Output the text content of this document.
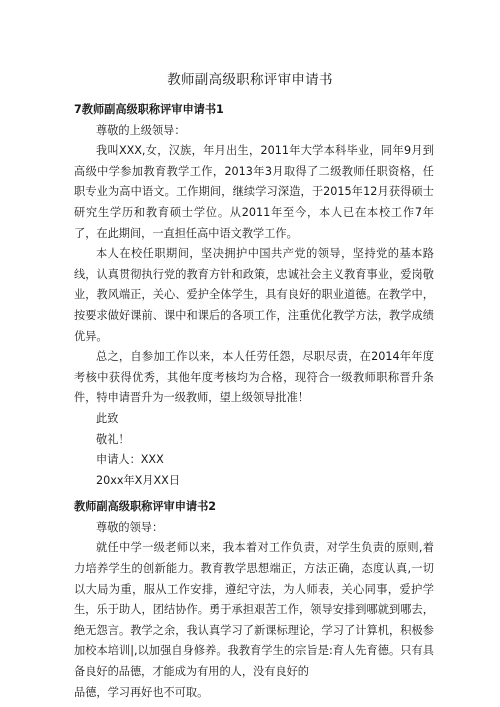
教师副高级职称评审申请书

7教师副高级职称评审申请书1

尊敬的上级领导：

我叫XXX,女，汉族，年月出生，2011年大学本科毕业，同年9月到高级中学参加教育教学工作，2013年3月取得了二级教师任职资格，任职专业为高中语文。工作期间，继续学习深造，于2015年12月获得硕士研究生学历和教育硕士学位。从2011年至今，本人已在本校工作7年了，在此期间，一直担任高中语文教学工作。

本人在校任职期间，坚决拥护中国共产党的领导，坚持党的基本路线，认真贯彻执行党的教育方针和政策，忠诚社会主义教育事业，爱岗敬业，教风端正，关心、爱护全体学生，具有良好的职业道德。在教学中，按要求做好课前、课中和课后的各项工作，注重优化教学方法，教学成绩优异。

总之，自参加工作以来，本人任劳任怨，尽职尽责，在2014年年度考核中获得优秀，其他年度考核均为合格，现符合一级教师职称晋升条件，特申请晋升为一级教师，望上级领导批准！

此致

敬礼！

申请人：XXX

20xx年X月XX日

教师副高级职称评审申请书2

尊敬的领导：

就任中学一级老师以来，我本着对工作负责，对学生负责的原则,着力培养学生的创新能力。教育教学思想端正，方法正确，态度认真,一切以大局为重，服从工作安排，遵纪守法，为人师表，关心同事，爱护学生，乐于助人，团结协作。勇于承担艰苦工作，领导安排到哪就到哪去，绝无怨言。教学之余，我认真学习了新课标理论，学习了计算机，积极参加校本培训|,以加强自身修养。我教育学生的宗旨是:育人先育德。只有具备良好的品德，才能成为有用的人，没有良好的

品德，学习再好也不可取。
